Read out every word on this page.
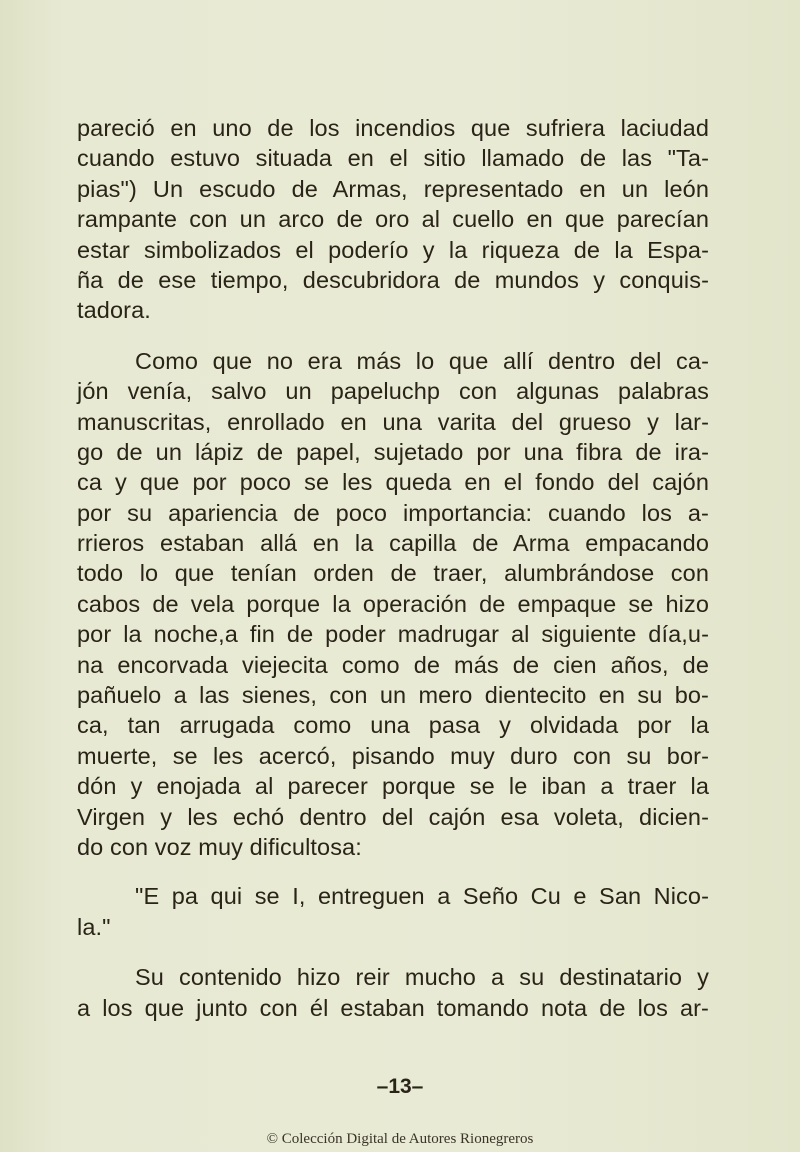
pareció en uno de los incendios que sufriera laciudad
cuando estuvo situada en el sitio llamado de las "Ta-
pias") Un escudo de Armas, representado en un león
rampante con un arco de oro al cuello en que parecían
estar simbolizados el poderío y la riqueza de la Espa-
ña de ese tiempo, descubridora de mundos y conquis-
tadora.
Como que no era más lo que allí dentro del ca-
jón venía, salvo un papeluchp con algunas palabras
manuscritas, enrollado en una varita del grueso y lar-
go de un lápiz de papel, sujetado por una fibra de ira-
ca y que por poco se les queda en el fondo del cajón
por su apariencia de poco importancia: cuando los a-
rrieros estaban allá en la capilla de Arma empacando
todo lo que tenían orden de traer, alumbrándose con
cabos de vela porque la operación de empaque se hizo
por la noche,a fin de poder madrugar al siguiente día,u-
na encorvada viejecita como de más de cien años, de
pañuelo a las sienes, con un mero dientecito en su bo-
ca, tan arrugada como una pasa y olvidada por la
muerte, se les acercó, pisando muy duro con su bor-
dón y enojada al parecer porque se le iban a traer la
Virgen y les echó dentro del cajón esa voleta, dicien-
do con voz muy dificultosa:
"E pa qui se I, entreguen a Seño Cu e San Nico-
la."
Su contenido hizo reir mucho a su destinatario y
a los que junto con él estaban tomando nota de los ar-
–13–
© Colección Digital de Autores Rionegreros
